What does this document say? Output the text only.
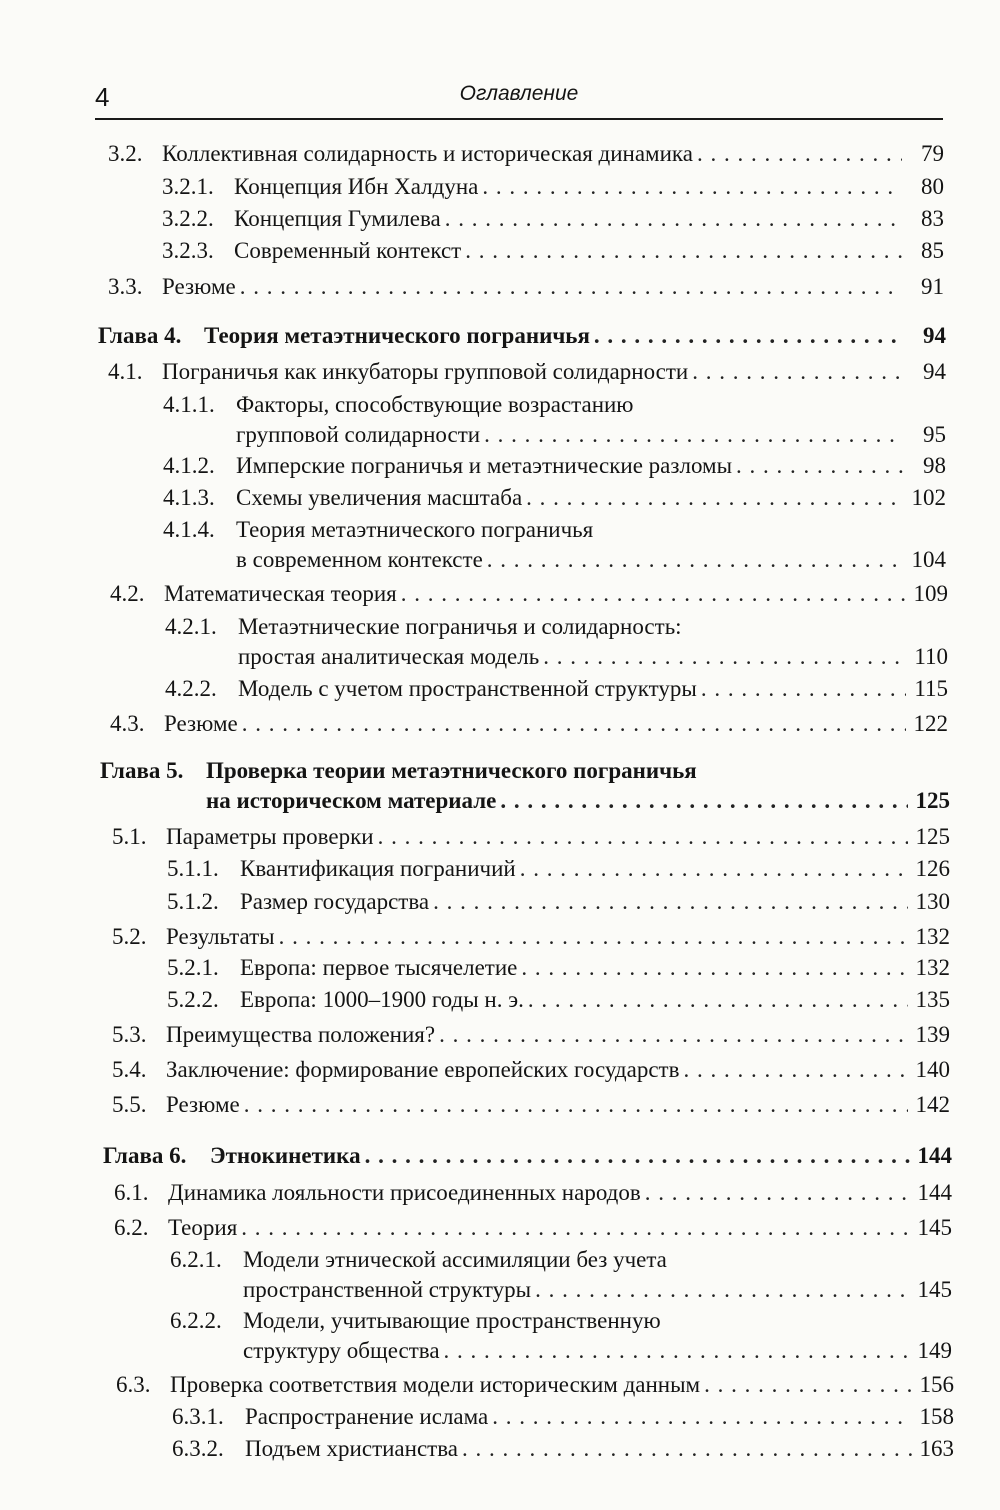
4	Оглавление
3.2. Коллективная солидарность и историческая динамика . . .	79
3.2.1. Концепция Ибн Халдуна . . .	80
3.2.2. Концепция Гумилева . . .	83
3.2.3. Современный контекст . . .	85
3.3. Резюме . . .	91
Глава 4. Теория метаэтнического пограничья . . .	94
4.1. Пограничья как инкубаторы групповой солидарности . . .	94
4.1.1. Факторы, способствующие возрастанию
групповой солидарности . . .	95
4.1.2. Имперские пограничья и метаэтнические разломы . . .	98
4.1.3. Схемы увеличения масштаба . . .	102
4.1.4. Теория метаэтнического пограничья
в современном контексте . . .	104
4.2. Математическая теория . . .	109
4.2.1. Метаэтнические пограничья и солидарность:
простая аналитическая модель . . .	110
4.2.2. Модель с учетом пространственной структуры . . .	115
4.3. Резюме . . .	122
Глава 5. Проверка теории метаэтнического пограничья
на историческом материале . . .	125
5.1. Параметры проверки . . .	125
5.1.1. Квантификация пограничий . . .	126
5.1.2. Размер государства . . .	130
5.2. Результаты . . .	132
5.2.1. Европа: первое тысячелетие . . .	132
5.2.2. Европа: 1000–1900 годы н. э. . . .	135
5.3. Преимущества положения? . . .	139
5.4. Заключение: формирование европейских государств . . .	140
5.5. Резюме . . .	142
Глава 6. Этнокинетика . . .	144
6.1. Динамика лояльности присоединенных народов . . .	144
6.2. Теория . . .	145
6.2.1. Модели этнической ассимиляции без учета
пространственной структуры . . .	145
6.2.2. Модели, учитывающие пространственную
структуру общества . . .	149
6.3. Проверка соответствия модели историческим данным . . .	156
6.3.1. Распространение ислама . . .	158
6.3.2. Подъем христианства . . .	163
